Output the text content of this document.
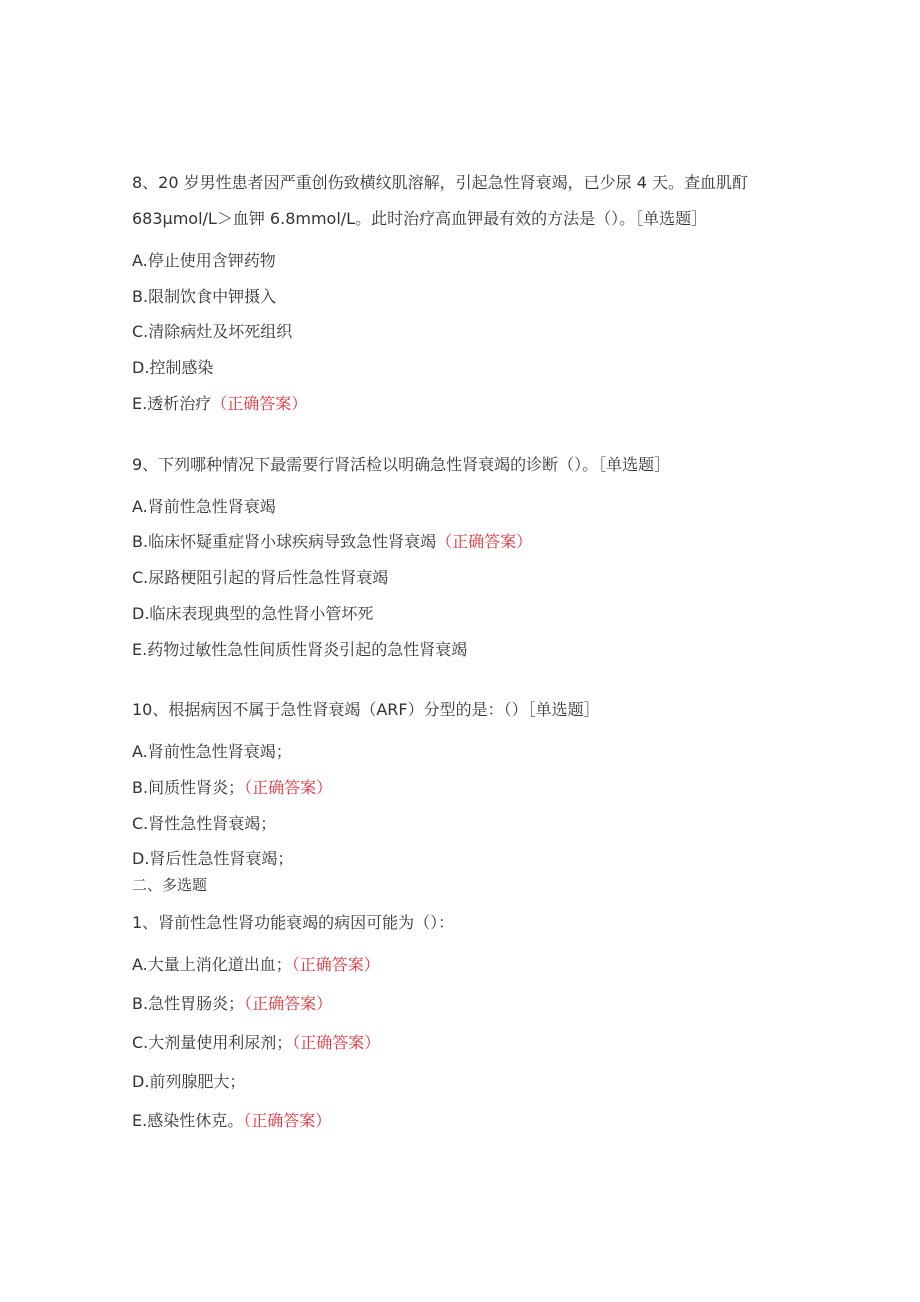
8、20 岁男性患者因严重创伤致横纹肌溶解，引起急性肾衰竭，已少尿 4 天。查血肌酊
683μmol/L＞血钾 6.8mmol/L。此时治疗高血钾最有效的方法是（）。［单选题］
A.停止使用含钾药物
B.限制饮食中钾摄入
C.清除病灶及坏死组织
D.控制感染
E.透析治疗（正确答案）
9、下列哪种情况下最需要行肾活检以明确急性肾衰竭的诊断（）。［单选题］
A.肾前性急性肾衰竭
B.临床怀疑重症肾小球疾病导致急性肾衰竭（正确答案）
C.尿路梗阻引起的肾后性急性肾衰竭
D.临床表现典型的急性肾小管坏死
E.药物过敏性急性间质性肾炎引起的急性肾衰竭
10、根据病因不属于急性肾衰竭（ARF）分型的是：（）［单选题］
A.肾前性急性肾衰竭；
B.间质性肾炎；（正确答案）
C.肾性急性肾衰竭；
D.肾后性急性肾衰竭；
二、多选题
1、肾前性急性肾功能衰竭的病因可能为（）：
A.大量上消化道出血；（正确答案）
B.急性胃肠炎；（正确答案）
C.大剂量使用利尿剂；（正确答案）
D.前列腺肥大；
E.感染性休克。（正确答案）
